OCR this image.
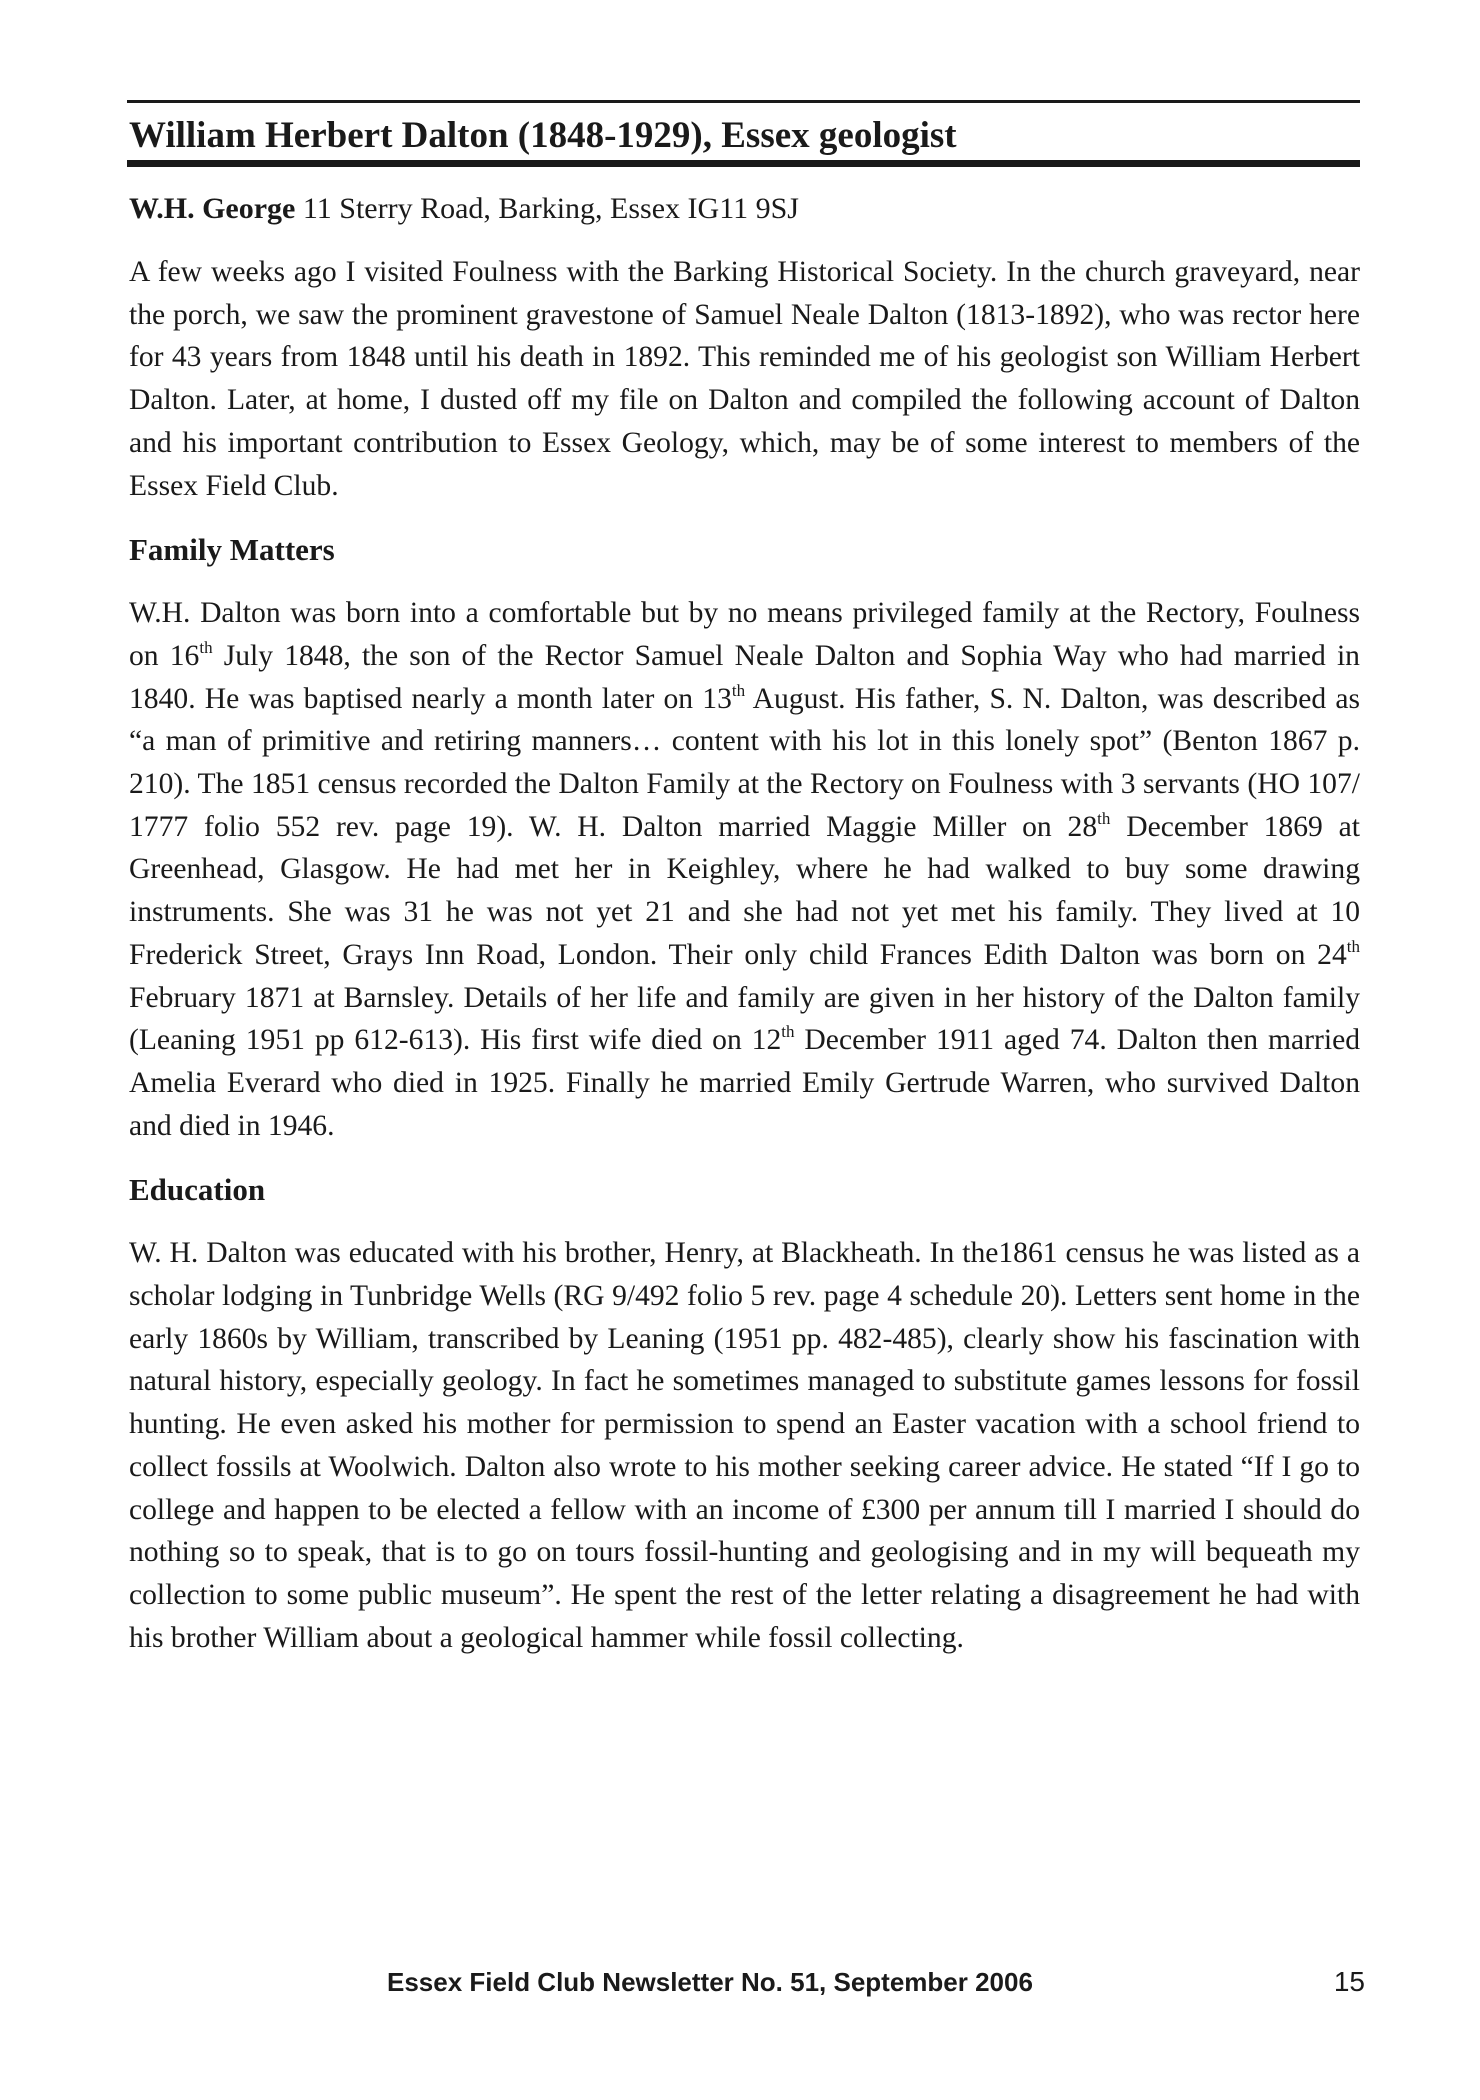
William Herbert Dalton (1848-1929), Essex geologist
W.H. George 11 Sterry Road, Barking, Essex IG11 9SJ

A few weeks ago I visited Foulness with the Barking Historical Society. In the church graveyard, near the porch, we saw the prominent gravestone of Samuel Neale Dalton (1813-1892), who was rector here for 43 years from 1848 until his death in 1892. This reminded me of his geologist son William Herbert Dalton. Later, at home, I dusted off my file on Dalton and compiled the following account of Dalton and his important contribution to Essex Geology, which, may be of some interest to members of the Essex Field Club.

Family Matters

W.H. Dalton was born into a comfortable but by no means privileged family at the Rectory, Foulness on 16th July 1848, the son of the Rector Samuel Neale Dalton and Sophia Way who had married in 1840. He was baptised nearly a month later on 13th August. His father, S. N. Dalton, was described as “a man of primitive and retiring manners… content with his lot in this lonely spot” (Benton 1867 p. 210). The 1851 census recorded the Dalton Family at the Rectory on Foulness with 3 servants (HO 107/ 1777 folio 552 rev. page 19). W. H. Dalton married Maggie Miller on 28th December 1869 at Greenhead, Glasgow. He had met her in Keighley, where he had walked to buy some drawing instruments. She was 31 he was not yet 21 and she had not yet met his family. They lived at 10 Frederick Street, Grays Inn Road, London. Their only child Frances Edith Dalton was born on 24th February 1871 at Barnsley. Details of her life and family are given in her history of the Dalton family (Leaning 1951 pp 612-613). His first wife died on 12th December 1911 aged 74. Dalton then married Amelia Everard who died in 1925. Finally he married Emily Gertrude Warren, who survived Dalton and died in 1946.

Education

W. H. Dalton was educated with his brother, Henry, at Blackheath. In the1861 census he was listed as a scholar lodging in Tunbridge Wells (RG 9/492 folio 5 rev. page 4 schedule 20). Letters sent home in the early 1860s by William, transcribed by Leaning (1951 pp. 482-485), clearly show his fascination with natural history, especially geology. In fact he sometimes managed to substitute games lessons for fossil hunting. He even asked his mother for permission to spend an Easter vacation with a school friend to collect fossils at Woolwich. Dalton also wrote to his mother seeking career advice. He stated “If I go to college and happen to be elected a fellow with an income of £300 per annum till I married I should do nothing so to speak, that is to go on tours fossil-hunting and geologising and in my will bequeath my collection to some public museum”. He spent the rest of the letter relating a disagreement he had with his brother William about a geological hammer while fossil collecting.

Essex Field Club Newsletter No. 51, September 2006	15
